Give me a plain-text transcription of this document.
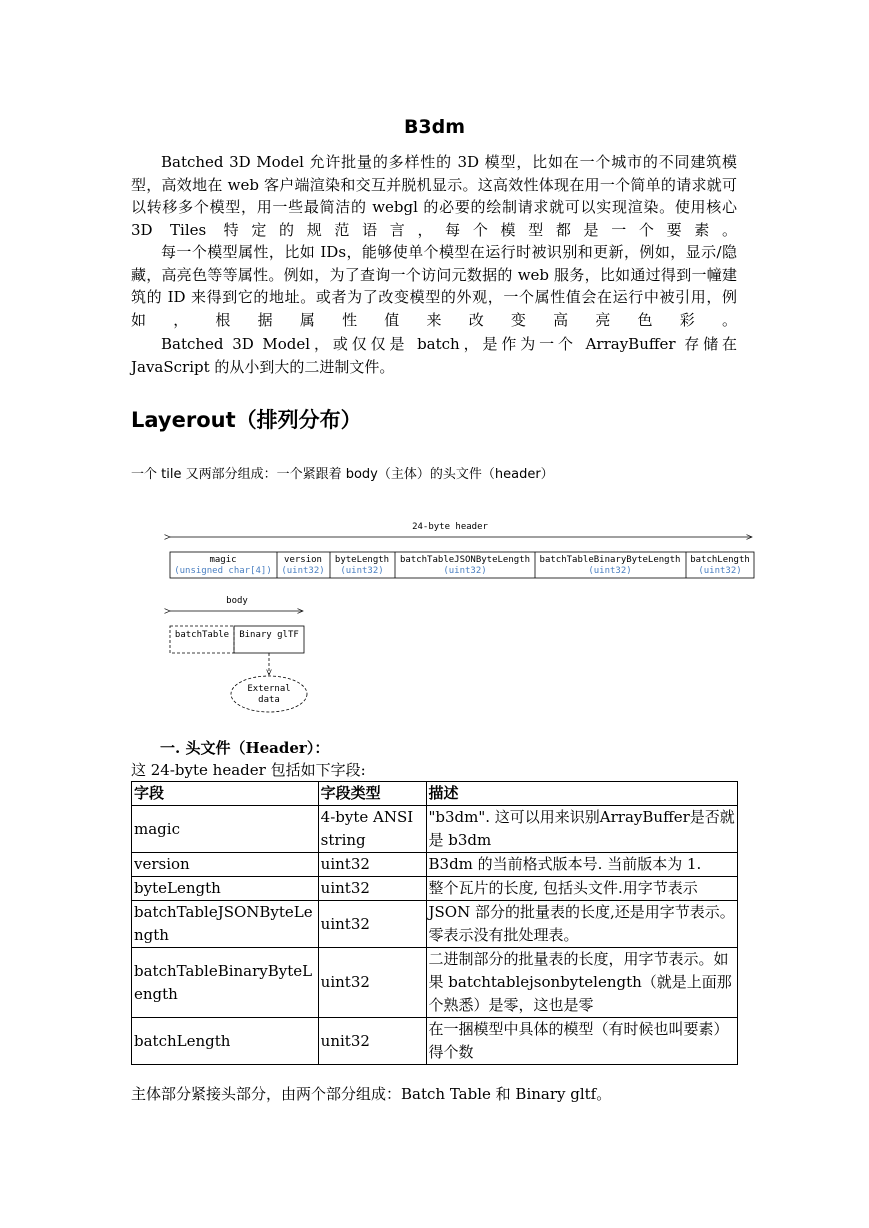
B3dm

Batched 3D Model 允许批量的多样性的 3D 模型，比如在一个城市的不同建筑模型，高效地在 web 客户端渲染和交互并脱机显示。这高效性体现在用一个简单的请求就可以转移多个模型，用一些最简洁的 webgl 的必要的绘制请求就可以实现渲染。使用核心 3D Tiles 特定的规范语言，每个模型都是一个要素。

每一个模型属性，比如 IDs，能够使单个模型在运行时被识别和更新，例如，显示/隐藏，高亮色等等属性。例如，为了查询一个访问元数据的 web 服务，比如通过得到一幢建筑的 ID 来得到它的地址。或者为了改变模型的外观，一个属性值会在运行中被引用，例如，根据属性值来改变高亮色彩。

Batched 3D Model，或仅仅是 batch，是作为一个 ArrayBuffer 存储在 JavaScript 的从小到大的二进制文件。

Layerout（排列分布）
一个 tile 又两部分组成：一个紧跟着 body（主体）的头文件（header）
24-byte header
magic
(unsigned char[4])
version
(uint32)
byteLength
(uint32)
batchTableJSONByteLength
(uint32)
batchTableBinaryByteLength
(uint32)
batchLength
(uint32)
body
batchTable Binary glTF
External
data
一. 头文件（Header）：
这 24-byte header 包括如下字段:
字段	字段类型	描述
magic	4-byte ANSI string	"b3dm". 这可以用来识别ArrayBuffer是否就是 b3dm
version	uint32	B3dm 的当前格式版本号. 当前版本为 1.
byteLength	uint32	整个瓦片的长度, 包括头文件.用字节表示
batchTableJSONByteLength	uint32	JSON 部分的批量表的长度,还是用字节表示。零表示没有批处理表。
batchTableBinaryByteLength	uint32	二进制部分的批量表的长度，用字节表示。如果 batchtablejsonbytelength（就是上面那个熟悉）是零，这也是零
batchLength	unit32	在一捆模型中具体的模型（有时候也叫要素）得个数
主体部分紧接头部分，由两个部分组成：Batch Table 和 Binary gltf。
